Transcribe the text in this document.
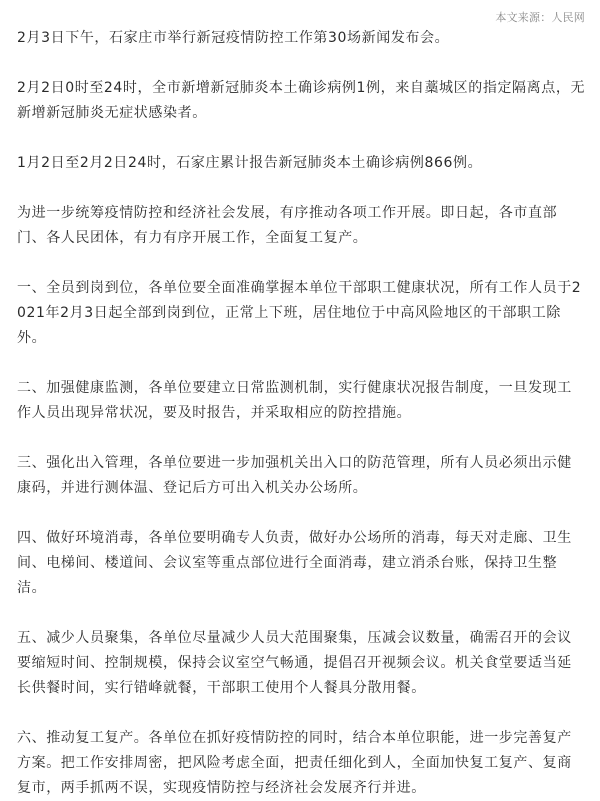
本文来源：人民网

2月3日下午，石家庄市举行新冠疫情防控工作第30场新闻发布会。

2月2日0时至24时，全市新增新冠肺炎本土确诊病例1例，来自藁城区的指定隔离点，无新增新冠肺炎无症状感染者。

1月2日至2月2日24时，石家庄累计报告新冠肺炎本土确诊病例866例。

为进一步统筹疫情防控和经济社会发展，有序推动各项工作开展。即日起，各市直部门、各人民团体，有力有序开展工作，全面复工复产。

一、全员到岗到位，各单位要全面准确掌握本单位干部职工健康状况，所有工作人员于2021年2月3日起全部到岗到位，正常上下班，居住地位于中高风险地区的干部职工除外。

二、加强健康监测，各单位要建立日常监测机制，实行健康状况报告制度，一旦发现工作人员出现异常状况，要及时报告，并采取相应的防控措施。

三、强化出入管理，各单位要进一步加强机关出入口的防范管理，所有人员必须出示健康码，并进行测体温、登记后方可出入机关办公场所。

四、做好环境消毒，各单位要明确专人负责，做好办公场所的消毒，每天对走廊、卫生间、电梯间、楼道间、会议室等重点部位进行全面消毒，建立消杀台账，保持卫生整洁。

五、减少人员聚集，各单位尽量减少人员大范围聚集，压减会议数量，确需召开的会议要缩短时间、控制规模，保持会议室空气畅通，提倡召开视频会议。机关食堂要适当延长供餐时间，实行错峰就餐，干部职工使用个人餐具分散用餐。

六、推动复工复产。各单位在抓好疫情防控的同时，结合本单位职能，进一步完善复产方案。把工作安排周密，把风险考虑全面，把责任细化到人，全面加快复工复产、复商复市，两手抓两不误，实现疫情防控与经济社会发展齐行并进。
